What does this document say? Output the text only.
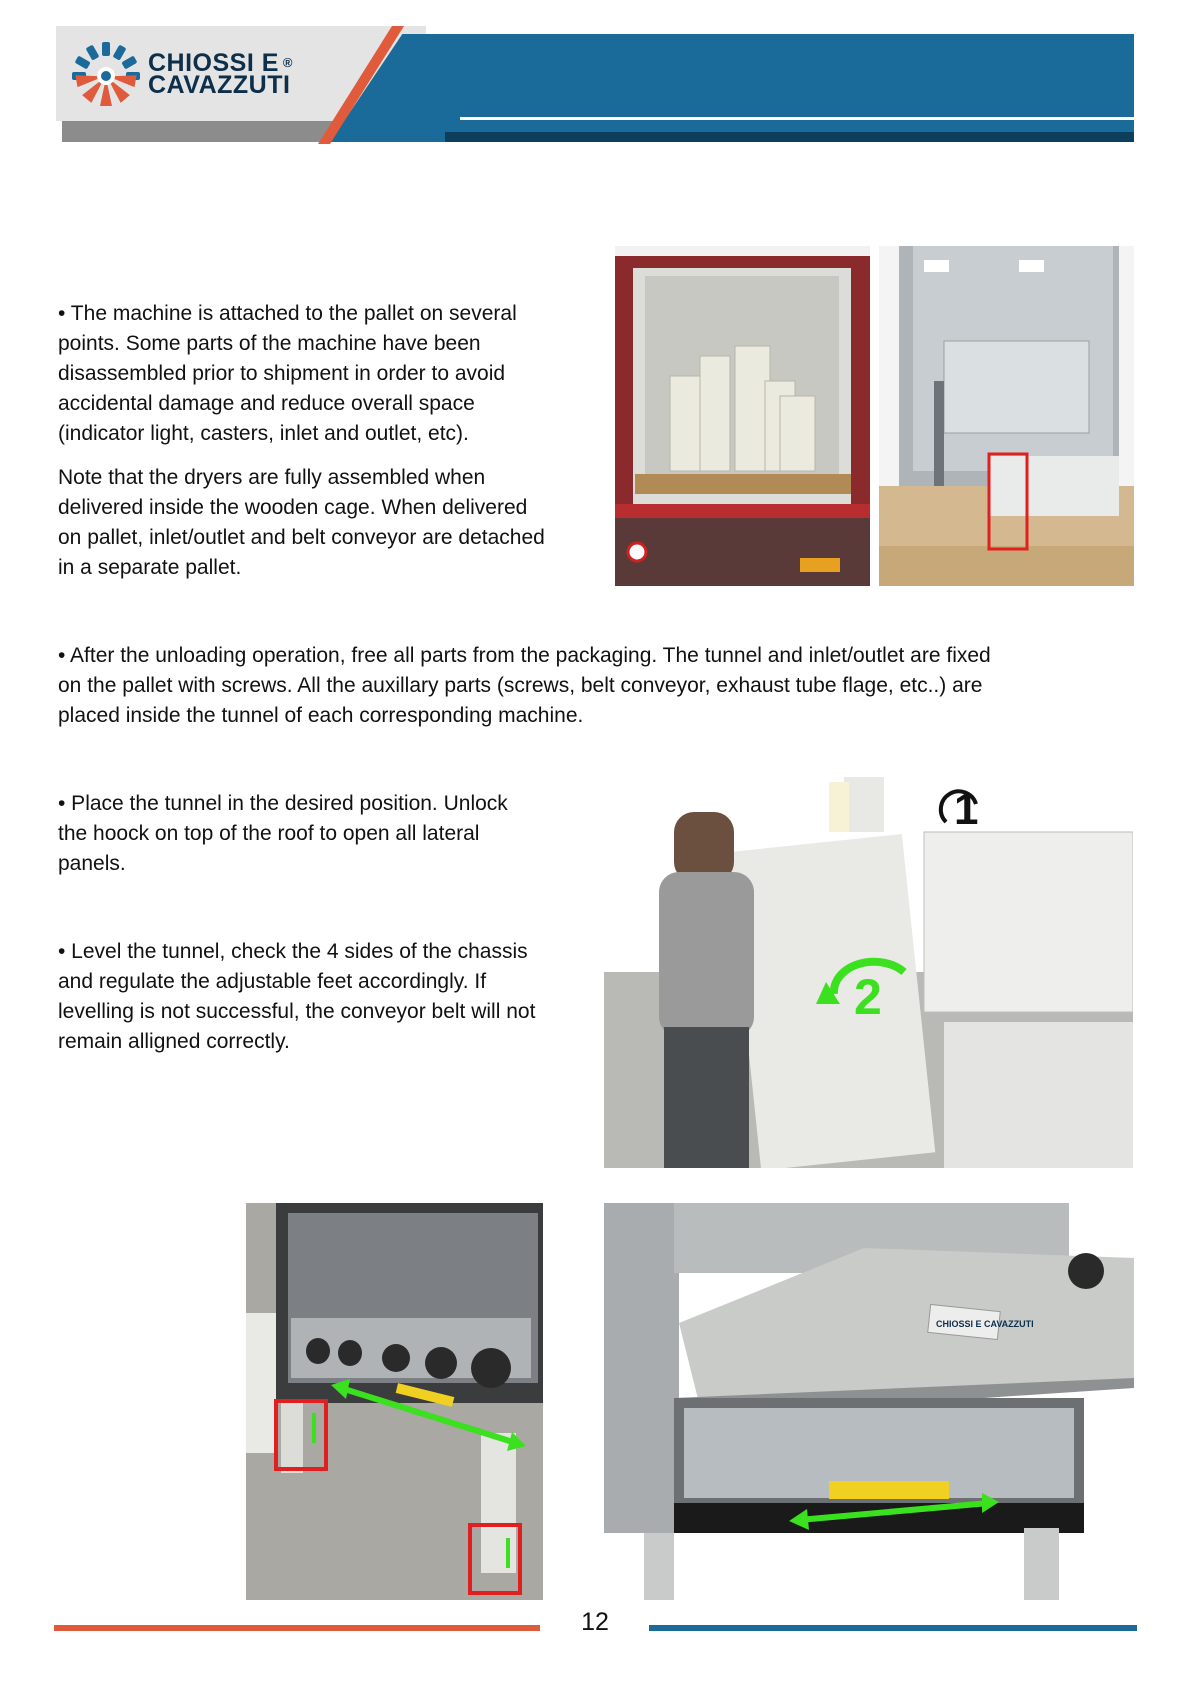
CHIOSSI E ®
CAVAZZUTI
• The machine is attached to the pallet on several
points. Some parts of the machine have been
disassembled prior to shipment in order to avoid
accidental damage and reduce overall space
(indicator light, casters, inlet and outlet, etc).
Note that the dryers are fully assembled when
delivered inside the wooden cage. When delivered
on pallet, inlet/outlet and belt conveyor are detached
in a separate pallet.
• After the unloading operation, free all parts from the packaging. The tunnel and inlet/outlet are fixed
on the pallet with screws. All the auxillary parts (screws, belt conveyor, exhaust tube flage, etc..) are
placed inside the tunnel of each corresponding machine.
• Place the tunnel in the desired position. Unlock
the hoock on top of the roof to open all lateral
panels.
• Level the tunnel, check the 4 sides of the chassis
and regulate the adjustable feet accordingly. If
levelling is not successful, the conveyor belt will not
remain alligned correctly.
1
2
CHIOSSI E CAVAZZUTI
12
